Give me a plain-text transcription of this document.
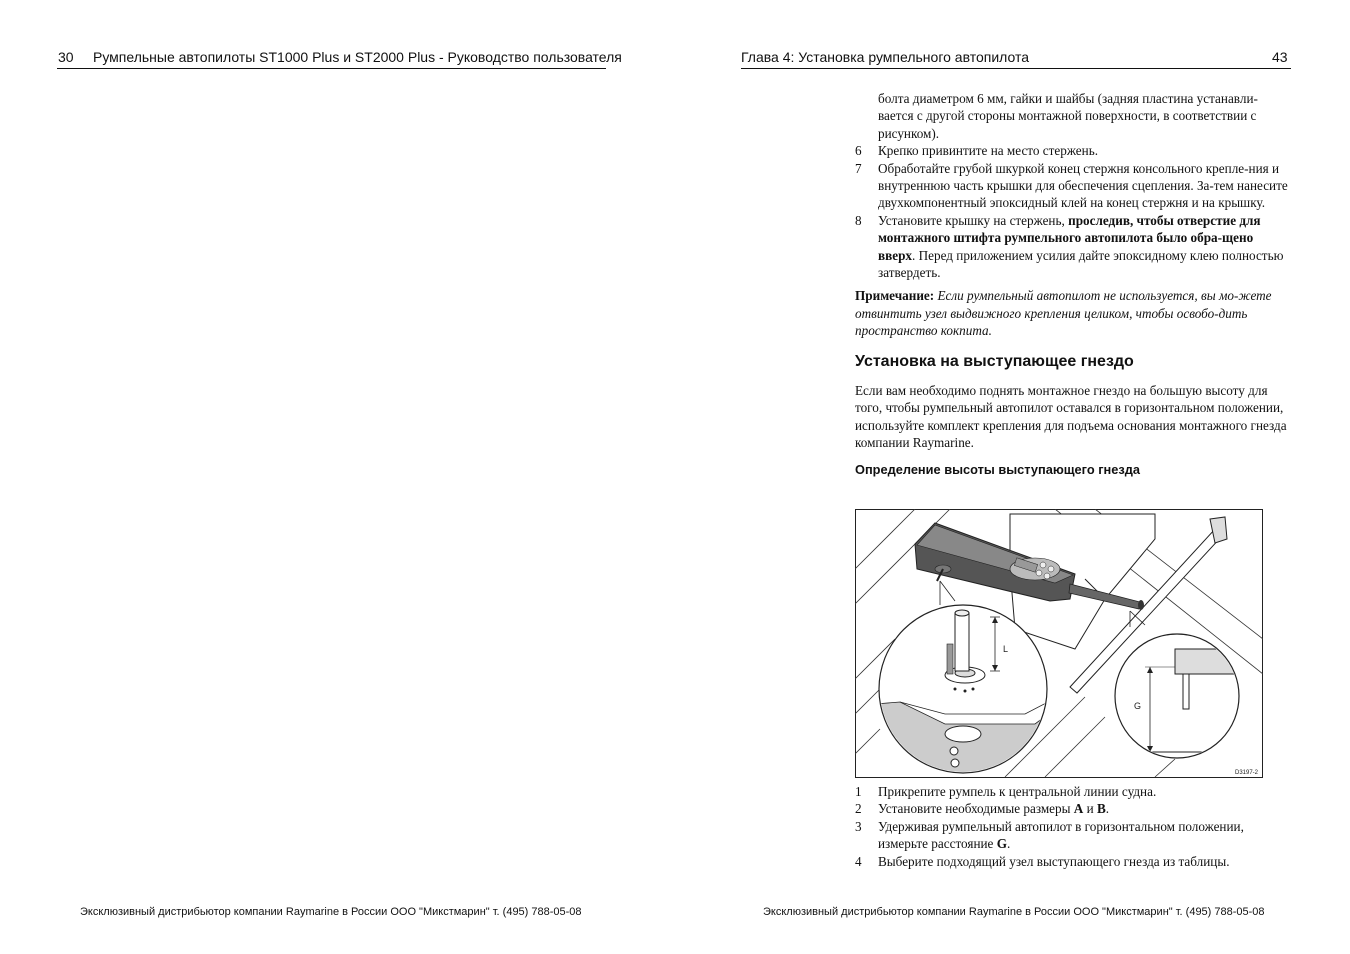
30 Румпельные автопилоты ST1000 Plus и ST2000 Plus - Руководство пользователя
Эксклюзивный дистрибьютор компании Raymarine в России ООО "Микстмарин" т. (495) 788-05-08
Глава 4: Установка румпельного автопилота	43

болта диаметром 6 мм, гайки и шайбы (задняя пластина устанавли-вается с другой стороны монтажной поверхности, в соответствии с рисунком).

6 Крепко привинтите на место стержень.
7 Обработайте грубой шкуркой конец стержня консольного крепле-ния и внутреннюю часть крышки для обеспечения сцепления. За-тем нанесите двухкомпонентный эпоксидный клей на конец стержня и на крышку.
8 Установите крышку на стержень, проследив, чтобы отверстие для монтажного штифта румпельного автопилота было обра-щено вверх. Перед приложением усилия дайте эпоксидному клею полностью затвердеть.

Примечание: Если румпельный автопилот не используется, вы мо-жете отвинтить узел выдвижного крепления целиком, чтобы освобо-дить пространство кокпита.

Установка на выступающее гнездо

Если вам необходимо поднять монтажное гнездо на большую высоту для того, чтобы румпельный автопилот оставался в горизонтальном положении, используйте комплект крепления для подъема основания монтажного гнезда компании Raymarine.

Определение высоты выступающего гнезда
L
G
D3197-2
1 Прикрепите румпель к центральной линии судна.
2 Установите необходимые размеры A и B.
3 Удерживая румпельный автопилот в горизонтальном положении, измерьте расстояние G.
4 Выберите подходящий узел выступающего гнезда из таблицы.
Эксклюзивный дистрибьютор компании Raymarine в России ООО "Микстмарин" т. (495) 788-05-08
